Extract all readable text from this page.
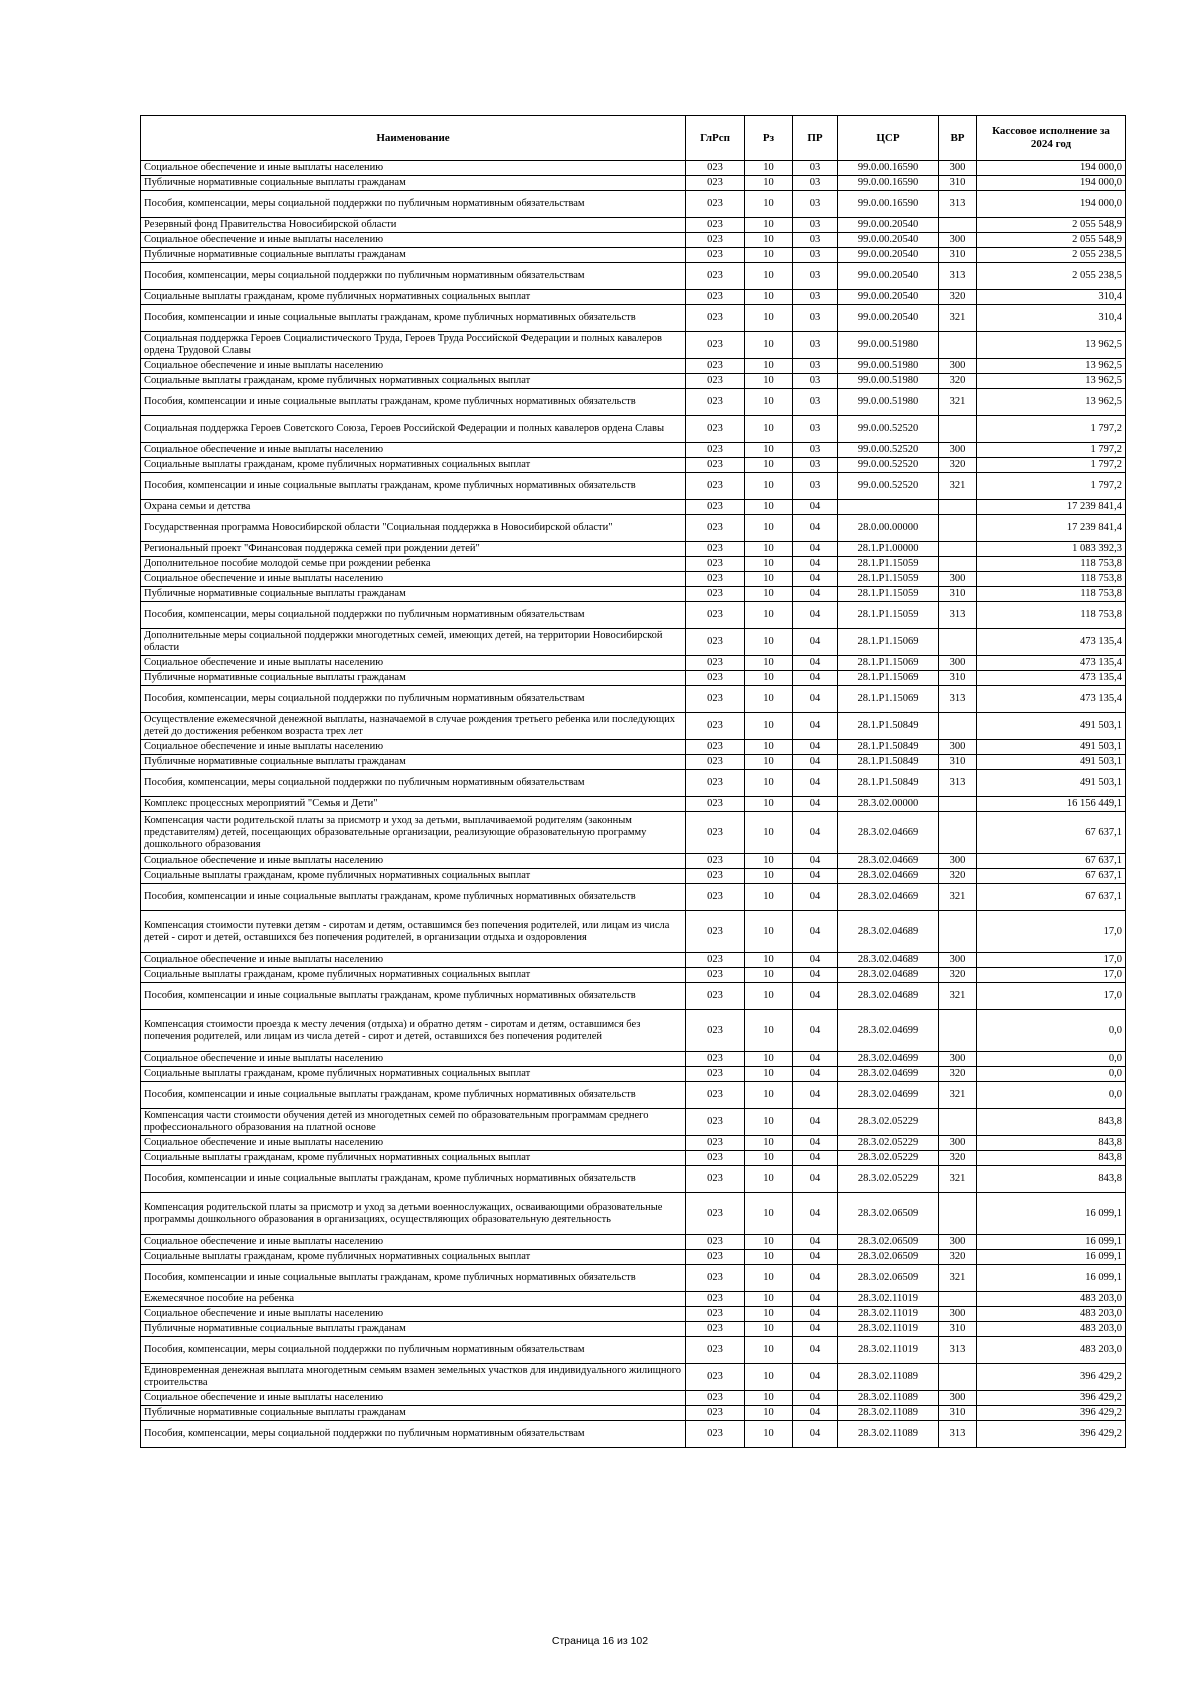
Наименование	ГлРсп	Рз	ПР	ЦСР	ВР	Кассовое исполнение за 2024 год
Социальное обеспечение и иные выплаты населению	023	10	03	99.0.00.16590	300	194 000,0
Публичные нормативные социальные выплаты гражданам	023	10	03	99.0.00.16590	310	194 000,0
Пособия, компенсации, меры социальной поддержки по публичным нормативным обязательствам	023	10	03	99.0.00.16590	313	194 000,0
Резервный фонд Правительства Новосибирской области	023	10	03	99.0.00.20540		2 055 548,9
Социальное обеспечение и иные выплаты населению	023	10	03	99.0.00.20540	300	2 055 548,9
Публичные нормативные социальные выплаты гражданам	023	10	03	99.0.00.20540	310	2 055 238,5
Пособия, компенсации, меры социальной поддержки по публичным нормативным обязательствам	023	10	03	99.0.00.20540	313	2 055 238,5
Социальные выплаты гражданам, кроме публичных нормативных социальных выплат	023	10	03	99.0.00.20540	320	310,4
Пособия, компенсации и иные социальные выплаты гражданам, кроме публичных нормативных обязательств	023	10	03	99.0.00.20540	321	310,4
Социальная поддержка Героев Социалистического Труда, Героев Труда Российской Федерации и полных кавалеров ордена Трудовой Славы	023	10	03	99.0.00.51980		13 962,5
Социальное обеспечение и иные выплаты населению	023	10	03	99.0.00.51980	300	13 962,5
Социальные выплаты гражданам, кроме публичных нормативных социальных выплат	023	10	03	99.0.00.51980	320	13 962,5
Пособия, компенсации и иные социальные выплаты гражданам, кроме публичных нормативных обязательств	023	10	03	99.0.00.51980	321	13 962,5
Социальная поддержка Героев Советского Союза, Героев Российской Федерации и полных кавалеров ордена Славы	023	10	03	99.0.00.52520		1 797,2
Социальное обеспечение и иные выплаты населению	023	10	03	99.0.00.52520	300	1 797,2
Социальные выплаты гражданам, кроме публичных нормативных социальных выплат	023	10	03	99.0.00.52520	320	1 797,2
Пособия, компенсации и иные социальные выплаты гражданам, кроме публичных нормативных обязательств	023	10	03	99.0.00.52520	321	1 797,2
Охрана семьи и детства	023	10	04			17 239 841,4
Государственная программа Новосибирской области "Социальная поддержка в Новосибирской области"	023	10	04	28.0.00.00000		17 239 841,4
Региональный проект "Финансовая поддержка семей при рождении детей"	023	10	04	28.1.P1.00000		1 083 392,3
Дополнительное пособие молодой семье при рождении ребенка	023	10	04	28.1.P1.15059		118 753,8
Социальное обеспечение и иные выплаты населению	023	10	04	28.1.P1.15059	300	118 753,8
Публичные нормативные социальные выплаты гражданам	023	10	04	28.1.P1.15059	310	118 753,8
Пособия, компенсации, меры социальной поддержки по публичным нормативным обязательствам	023	10	04	28.1.P1.15059	313	118 753,8
Дополнительные меры социальной поддержки многодетных семей, имеющих детей, на территории Новосибирской области	023	10	04	28.1.P1.15069		473 135,4
Социальное обеспечение и иные выплаты населению	023	10	04	28.1.P1.15069	300	473 135,4
Публичные нормативные социальные выплаты гражданам	023	10	04	28.1.P1.15069	310	473 135,4
Пособия, компенсации, меры социальной поддержки по публичным нормативным обязательствам	023	10	04	28.1.P1.15069	313	473 135,4
Осуществление ежемесячной денежной выплаты, назначаемой в случае рождения третьего ребенка или последующих детей до достижения ребенком возраста трех лет	023	10	04	28.1.P1.50849		491 503,1
Социальное обеспечение и иные выплаты населению	023	10	04	28.1.P1.50849	300	491 503,1
Публичные нормативные социальные выплаты гражданам	023	10	04	28.1.P1.50849	310	491 503,1
Пособия, компенсации, меры социальной поддержки по публичным нормативным обязательствам	023	10	04	28.1.P1.50849	313	491 503,1
Комплекс процессных мероприятий "Семья и Дети"	023	10	04	28.3.02.00000		16 156 449,1
Компенсация части родительской платы за присмотр и уход за детьми, выплачиваемой родителям (законным представителям) детей, посещающих образовательные организации, реализующие образовательную программу дошкольного образования	023	10	04	28.3.02.04669		67 637,1
Социальное обеспечение и иные выплаты населению	023	10	04	28.3.02.04669	300	67 637,1
Социальные выплаты гражданам, кроме публичных нормативных социальных выплат	023	10	04	28.3.02.04669	320	67 637,1
Пособия, компенсации и иные социальные выплаты гражданам, кроме публичных нормативных обязательств	023	10	04	28.3.02.04669	321	67 637,1
Компенсация стоимости путевки детям - сиротам и детям, оставшимся без попечения родителей, или лицам из числа детей - сирот и детей, оставшихся без попечения родителей, в организации отдыха и оздоровления	023	10	04	28.3.02.04689		17,0
Социальное обеспечение и иные выплаты населению	023	10	04	28.3.02.04689	300	17,0
Социальные выплаты гражданам, кроме публичных нормативных социальных выплат	023	10	04	28.3.02.04689	320	17,0
Пособия, компенсации и иные социальные выплаты гражданам, кроме публичных нормативных обязательств	023	10	04	28.3.02.04689	321	17,0
Компенсация стоимости проезда к месту лечения (отдыха) и обратно детям - сиротам и детям, оставшимся без попечения родителей, или лицам из числа детей - сирот и детей, оставшихся без попечения родителей	023	10	04	28.3.02.04699		0,0
Социальное обеспечение и иные выплаты населению	023	10	04	28.3.02.04699	300	0,0
Социальные выплаты гражданам, кроме публичных нормативных социальных выплат	023	10	04	28.3.02.04699	320	0,0
Пособия, компенсации и иные социальные выплаты гражданам, кроме публичных нормативных обязательств	023	10	04	28.3.02.04699	321	0,0
Компенсация части стоимости обучения детей из многодетных семей по образовательным программам среднего профессионального образования на платной основе	023	10	04	28.3.02.05229		843,8
Социальное обеспечение и иные выплаты населению	023	10	04	28.3.02.05229	300	843,8
Социальные выплаты гражданам, кроме публичных нормативных социальных выплат	023	10	04	28.3.02.05229	320	843,8
Пособия, компенсации и иные социальные выплаты гражданам, кроме публичных нормативных обязательств	023	10	04	28.3.02.05229	321	843,8
Компенсация родительской платы за присмотр и уход за детьми военнослужащих, осваивающими образовательные программы дошкольного образования в организациях, осуществляющих образовательную деятельность	023	10	04	28.3.02.06509		16 099,1
Социальное обеспечение и иные выплаты населению	023	10	04	28.3.02.06509	300	16 099,1
Социальные выплаты гражданам, кроме публичных нормативных социальных выплат	023	10	04	28.3.02.06509	320	16 099,1
Пособия, компенсации и иные социальные выплаты гражданам, кроме публичных нормативных обязательств	023	10	04	28.3.02.06509	321	16 099,1
Ежемесячное пособие на ребенка	023	10	04	28.3.02.11019		483 203,0
Социальное обеспечение и иные выплаты населению	023	10	04	28.3.02.11019	300	483 203,0
Публичные нормативные социальные выплаты гражданам	023	10	04	28.3.02.11019	310	483 203,0
Пособия, компенсации, меры социальной поддержки по публичным нормативным обязательствам	023	10	04	28.3.02.11019	313	483 203,0
Единовременная денежная выплата многодетным семьям взамен земельных участков для индивидуального жилищного строительства	023	10	04	28.3.02.11089		396 429,2
Социальное обеспечение и иные выплаты населению	023	10	04	28.3.02.11089	300	396 429,2
Публичные нормативные социальные выплаты гражданам	023	10	04	28.3.02.11089	310	396 429,2
Пособия, компенсации, меры социальной поддержки по публичным нормативным обязательствам	023	10	04	28.3.02.11089	313	396 429,2
Страница 16 из 102
